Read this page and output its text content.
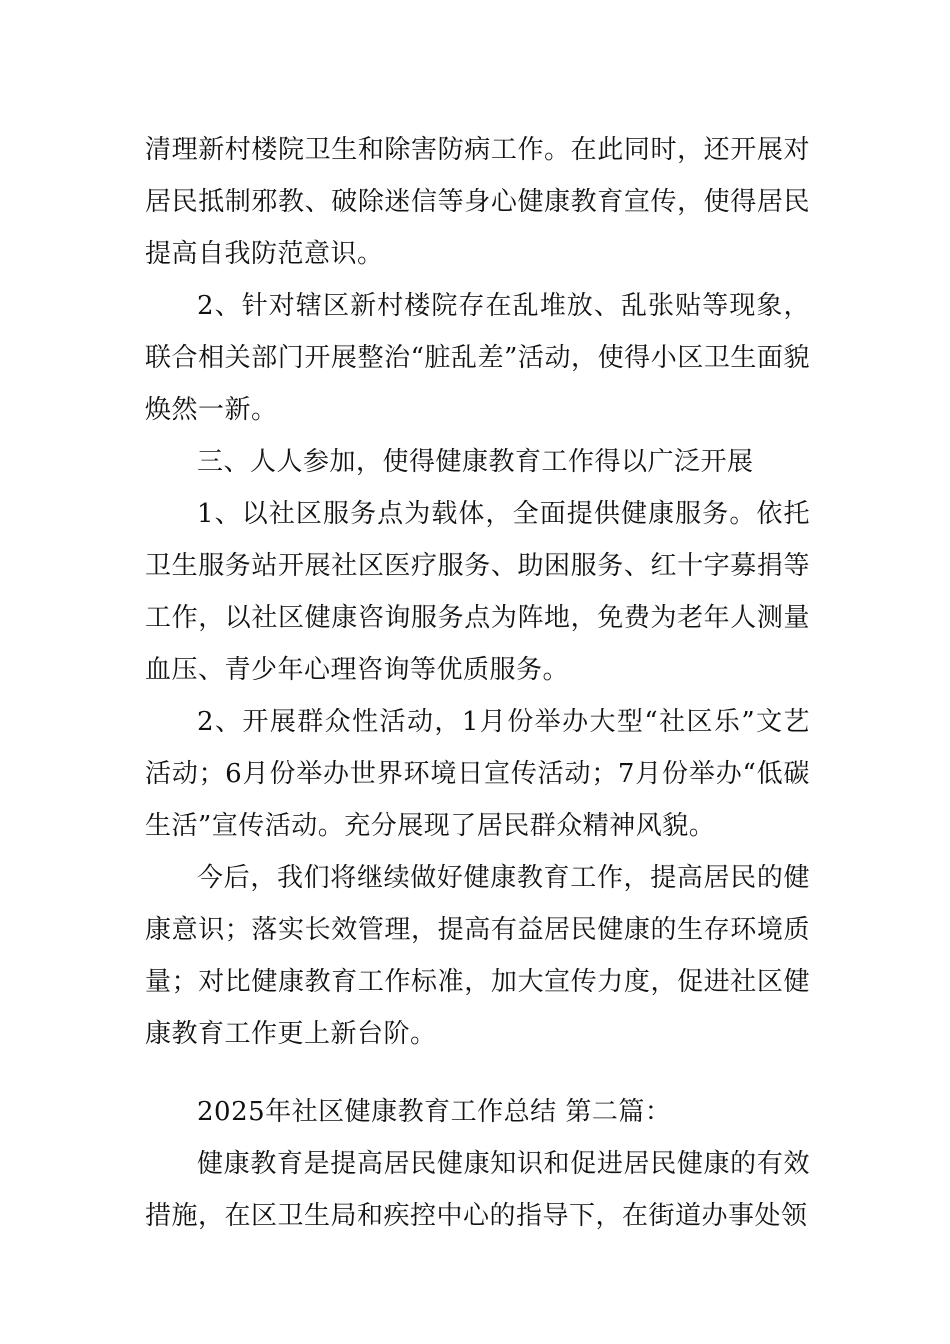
清理新村楼院卫生和除害防病工作。在此同时，还开展对居民抵制邪教、破除迷信等身心健康教育宣传，使得居民提高自我防范意识。

2、针对辖区新村楼院存在乱堆放、乱张贴等现象，联合相关部门开展整治“脏乱差”活动，使得小区卫生面貌焕然一新。

三、人人参加，使得健康教育工作得以广泛开展

1、以社区服务点为载体，全面提供健康服务。依托卫生服务站开展社区医疗服务、助困服务、红十字募捐等工作，以社区健康咨询服务点为阵地，免费为老年人测量血压、青少年心理咨询等优质服务。

2、开展群众性活动，1月份举办大型“社区乐”文艺活动；6月份举办世界环境日宣传活动；7月份举办“低碳生活”宣传活动。充分展现了居民群众精神风貌。

今后，我们将继续做好健康教育工作，提高居民的健康意识；落实长效管理，提高有益居民健康的生存环境质量；对比健康教育工作标准，加大宣传力度，促进社区健康教育工作更上新台阶。

2025年社区健康教育工作总结 第二篇：

健康教育是提高居民健康知识和促进居民健康的有效措施，在区卫生局和疾控中心的指导下，在街道办事处领
